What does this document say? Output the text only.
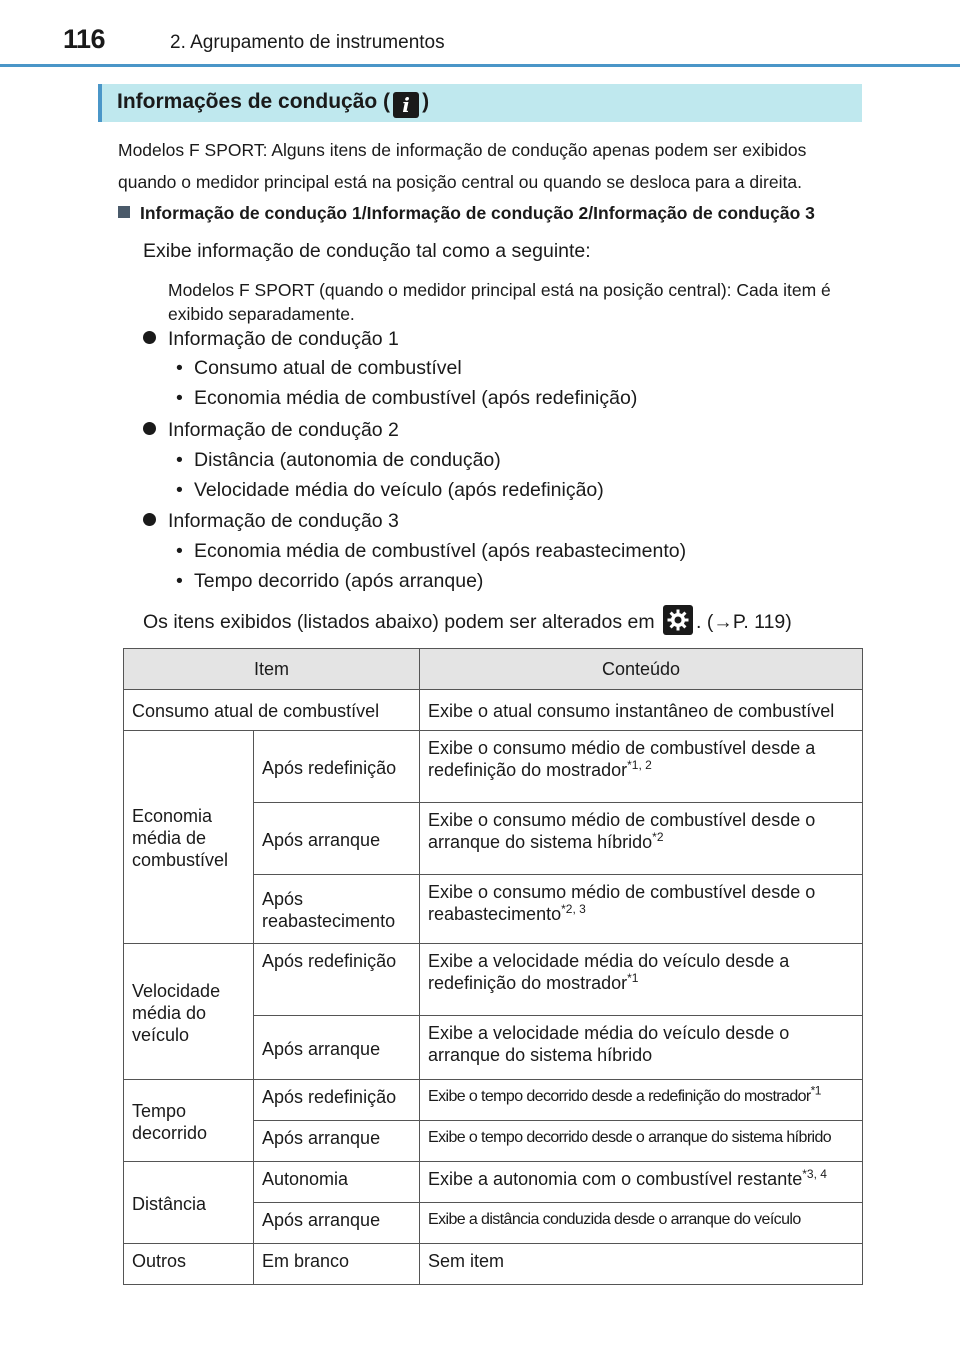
116	2. Agrupamento de instrumentos
Informações de condução ( i )
Modelos F SPORT: Alguns itens de informação de condução apenas podem ser exibidos quando o medidor principal está na posição central ou quando se desloca para a direita.
Informação de condução 1/Informação de condução 2/Informação de condução 3
Exibe informação de condução tal como a seguinte:
Modelos F SPORT (quando o medidor principal está na posição central): Cada item é exibido separadamente.
Informação de condução 1
• Consumo atual de combustível
• Economia média de combustível (após redefinição)
Informação de condução 2
• Distância (autonomia de condução)
• Velocidade média do veículo (após redefinição)
Informação de condução 3
• Economia média de combustível (após reabastecimento)
• Tempo decorrido (após arranque)
Os itens exibidos (listados abaixo) podem ser alterados em . (→P. 119)
Item		Conteúdo
Consumo atual de combustível		Exibe o atual consumo instantâneo de combustível
Economia média de combustível	Após redefinição	Exibe o consumo médio de combustível desde a redefinição do mostrador$^{*1, 2}$
	Após arranque	Exibe o consumo médio de combustível desde o arranque do sistema híbrido$^{*2}$
	Após reabastecimento	Exibe o consumo médio de combustível desde o reabastecimento$^{*2, 3}$
Velocidade média do veículo	Após redefinição	Exibe a velocidade média do veículo desde a redefinição do mostrador$^{*1}$
	Após arranque	Exibe a velocidade média do veículo desde o arranque do sistema híbrido
Tempo decorrido	Após redefinição	Exibe o tempo decorrido desde a redefinição do mostrador$^{*1}$
	Após arranque	Exibe o tempo decorrido desde o arranque do sistema híbrido
Distância	Autonomia	Exibe a autonomia com o combustível restante$^{*3, 4}$
	Após arranque	Exibe a distância conduzida desde o arranque do veículo
Outros	Em branco	Sem item
